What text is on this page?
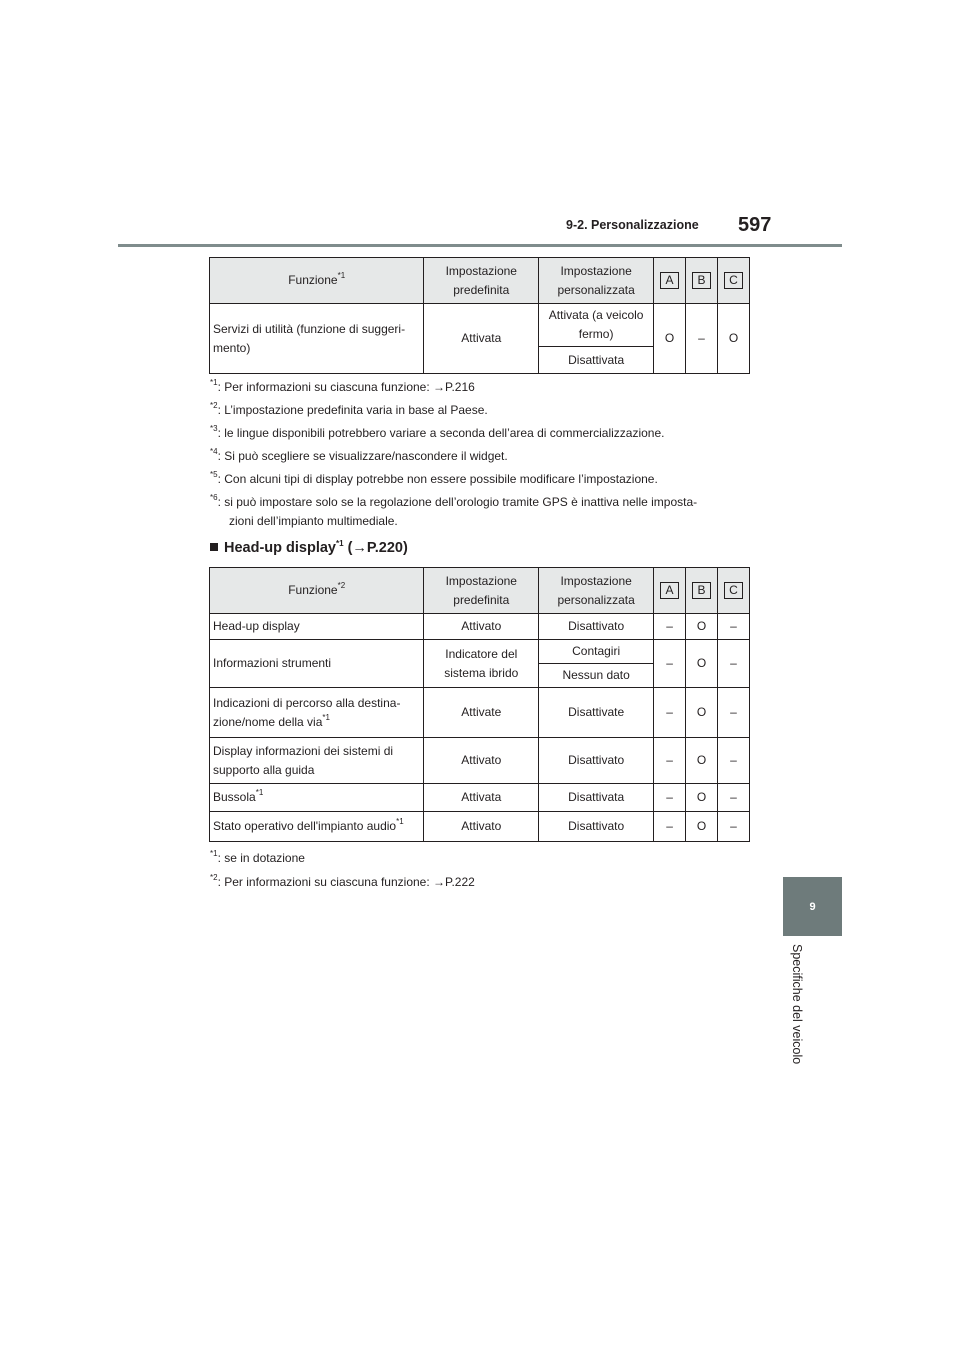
9-2. Personalizzazione 597
9
Specifiche del veicolo
Funzione$^{*1}$	Impostazione predefinita	Impostazione personalizzata	A	B	C
Servizi di utilità (funzione di suggeri-mento)	Attivata	Attivata (a veicolo fermo)	O	–	O
		Disattivata			
$^{*1}$: Per informazioni su ciascuna funzione: →P.216
$^{*2}$: L’impostazione predefinita varia in base al Paese.
$^{*3}$: le lingue disponibili potrebbero variare a seconda dell’area di commercializzazione.
$^{*4}$: Si può scegliere se visualizzare/nascondere il widget.
$^{*5}$: Con alcuni tipi di display potrebbe non essere possibile modificare l’impostazione.
$^{*6}$: si può impostare solo se la regolazione dell’orologio tramite GPS è inattiva nelle imposta-
zioni dell’impianto multimediale.
Head-up display$^{*1}$ (→P.220)
Funzione$^{*2}$	Impostazione predefinita	Impostazione personalizzata	A	B	C
Head-up display	Attivato	Disattivato	–	O	–
Informazioni strumenti	Indicatore del sistema ibrido	Contagiri	–	O	–
		Nessun dato			
Indicazioni di percorso alla destina-zione/nome della via$^{*1}$	Attivate	Disattivate	–	O	–
Display informazioni dei sistemi di supporto alla guida	Attivato	Disattivato	–	O	–
Bussola$^{*1}$	Attivata	Disattivata	–	O	–
Stato operativo dell'impianto audio$^{*1}$	Attivato	Disattivato	–	O	–
$^{*1}$: se in dotazione
$^{*2}$: Per informazioni su ciascuna funzione: →P.222
